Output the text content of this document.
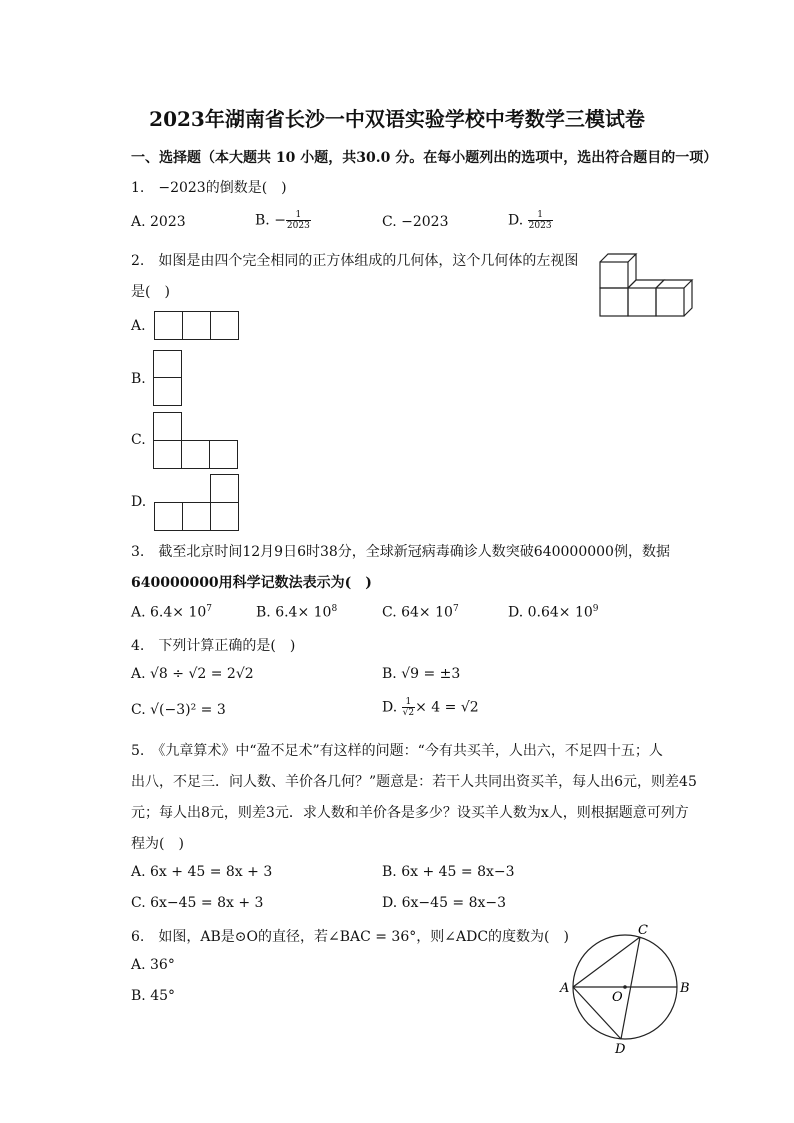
2023年湖南省长沙一中双语实验学校中考数学三模试卷
一、选择题（本大题共 10 小题，共30.0 分。在每小题列出的选项中，选出符合题目的一项）
1.　−2023的倒数是(　)
A. 2023	B. − $\frac{1}{2023}$	C. −2023	D. $\frac{1}{2023}$
2.　如图是由四个完全相同的正方体组成的几何体，这个几何体的左视图
是(　)
A.
B.
C.
D.
3.　截至北京时间12月9日6时38分，全球新冠病毒确诊人数突破640000000例，数据
640000000用科学记数法表示为(　)
A. $6.4\times 10^7$	B. $6.4\times 10^8$	C. $64\times 10^7$	D. $0.64\times 10^9$
4.　下列计算正确的是(　)
A. √8 ÷ √2 = 2√2	B. √9 = ±3
C. √(−3)² = 3	D. $\frac{1}{√2} \times 4 = √2$
5.　《九章算术》中“盈不足术”有这样的问题：“今有共买羊，人出六，不足四十五；人
出八，不足三．问人数、羊价各几何？”题意是：若干人共同出资买羊，每人出6元，则差45
元；每人出8元，则差3元．求人数和羊价各是多少？设买羊人数为x人，则根据题意可列方
程为(　)
A. 6x + 45 = 8x + 3	B. 6x + 45 = 8x−3
C. 6x−45 = 8x + 3	D. 6x−45 = 8x−3
6.　如图，AB是⊙O的直径，若∠BAC = 36°，则∠ADC的度数为(　)
A. 36°
B. 45°	A	B
C
D
O
